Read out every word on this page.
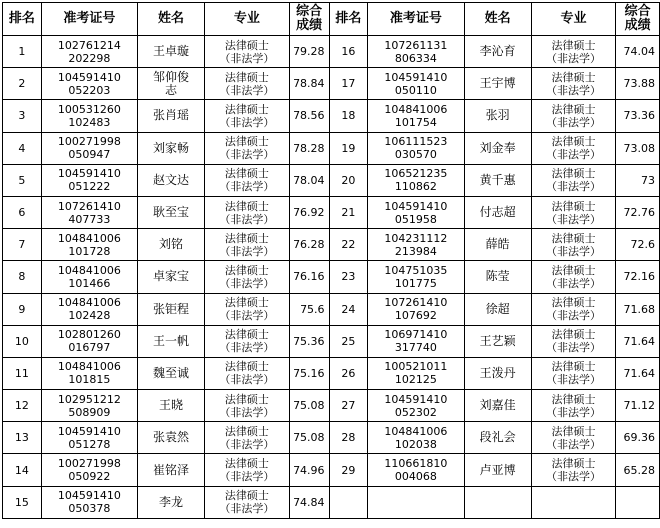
排名	准考证号	姓名	专业	综合
成绩	排名	准考证号	姓名	专业	综合
成绩
1	102761214
202298	王卓璇	法律硕士
（非法学）	79.28	16	107261131
806334	李沁育	法律硕士
（非法学）	74.04
2	104591410
052203	邹仰俊
志	法律硕士
（非法学）	78.84	17	104591410
050110	王宇博	法律硕士
（非法学）	73.88
3	100531260
102483	张肖瑶	法律硕士
（非法学）	78.56	18	104841006
101754	张羽	法律硕士
（非法学）	73.36
4	100271998
050947	刘家畅	法律硕士
（非法学）	78.28	19	106111523
030570	刘金奉	法律硕士
（非法学）	73.08
5	104591410
051222	赵文达	法律硕士
（非法学）	78.04	20	106521235
110862	黄千惠	法律硕士
（非法学）	73
6	107261410
407733	耿至宝	法律硕士
（非法学）	76.92	21	104591410
051958	付志超	法律硕士
（非法学）	72.76
7	104841006
101728	刘铭	法律硕士
（非法学）	76.28	22	104231112
213984	薛皓	法律硕士
（非法学）	72.6
8	104841006
101466	卓家宝	法律硕士
（非法学）	76.16	23	104751035
101775	陈莹	法律硕士
（非法学）	72.16
9	104841006
102428	张钜程	法律硕士
（非法学）	75.6	24	107261410
107692	徐超	法律硕士
（非法学）	71.68
10	102801260
016797	王一帆	法律硕士
（非法学）	75.36	25	106971410
317740	王艺颖	法律硕士
（非法学）	71.64
11	104841006
101815	魏至诚	法律硕士
（非法学）	75.16	26	100521011
102125	王泼丹	法律硕士
（非法学）	71.64
12	102951212
508909	王晓	法律硕士
（非法学）	75.08	27	104591410
052302	刘嘉佳	法律硕士
（非法学）	71.12
13	104591410
051278	张袁然	法律硕士
（非法学）	75.08	28	104841006
102038	段礼会	法律硕士
（非法学）	69.36
14	100271998
050922	崔铭泽	法律硕士
（非法学）	74.96	29	110661810
004068	卢亚博	法律硕士
（非法学）	65.28
15	104591410
050378	李龙	法律硕士
（非法学）	74.84					
